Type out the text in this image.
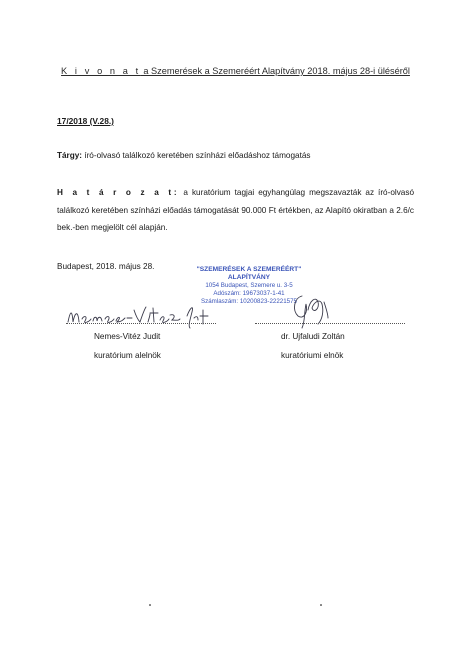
K i v o n a t a Szemerések a Szemeréért Alapítvány 2018. május 28-i üléséről
17/2018 (V.28.)
Tárgy: író-olvasó találkozó keretében színházi előadáshoz támogatás
H a t á r o z a t: a kuratórium tagjai egyhangúlag megszavazták az író-olvasó találkozó keretében színházi előadás támogatását 90.000 Ft értékben, az Alapító okiratban a 2.6/c bek.-ben megjelölt cél alapján.
Budapest, 2018. május 28.	"SZEMERÉSEK A SZEMERÉÉRT"
ALAPÍTVÁNY
1054 Budapest, Szemere u. 3-5
Adószám: 19673037-1-41
Számlaszám: 10200823-22221575
Nemes-Vitéz Judit
kuratórium alelnök
dr. Ujfaludi Zoltán
kuratóriumi elnök
